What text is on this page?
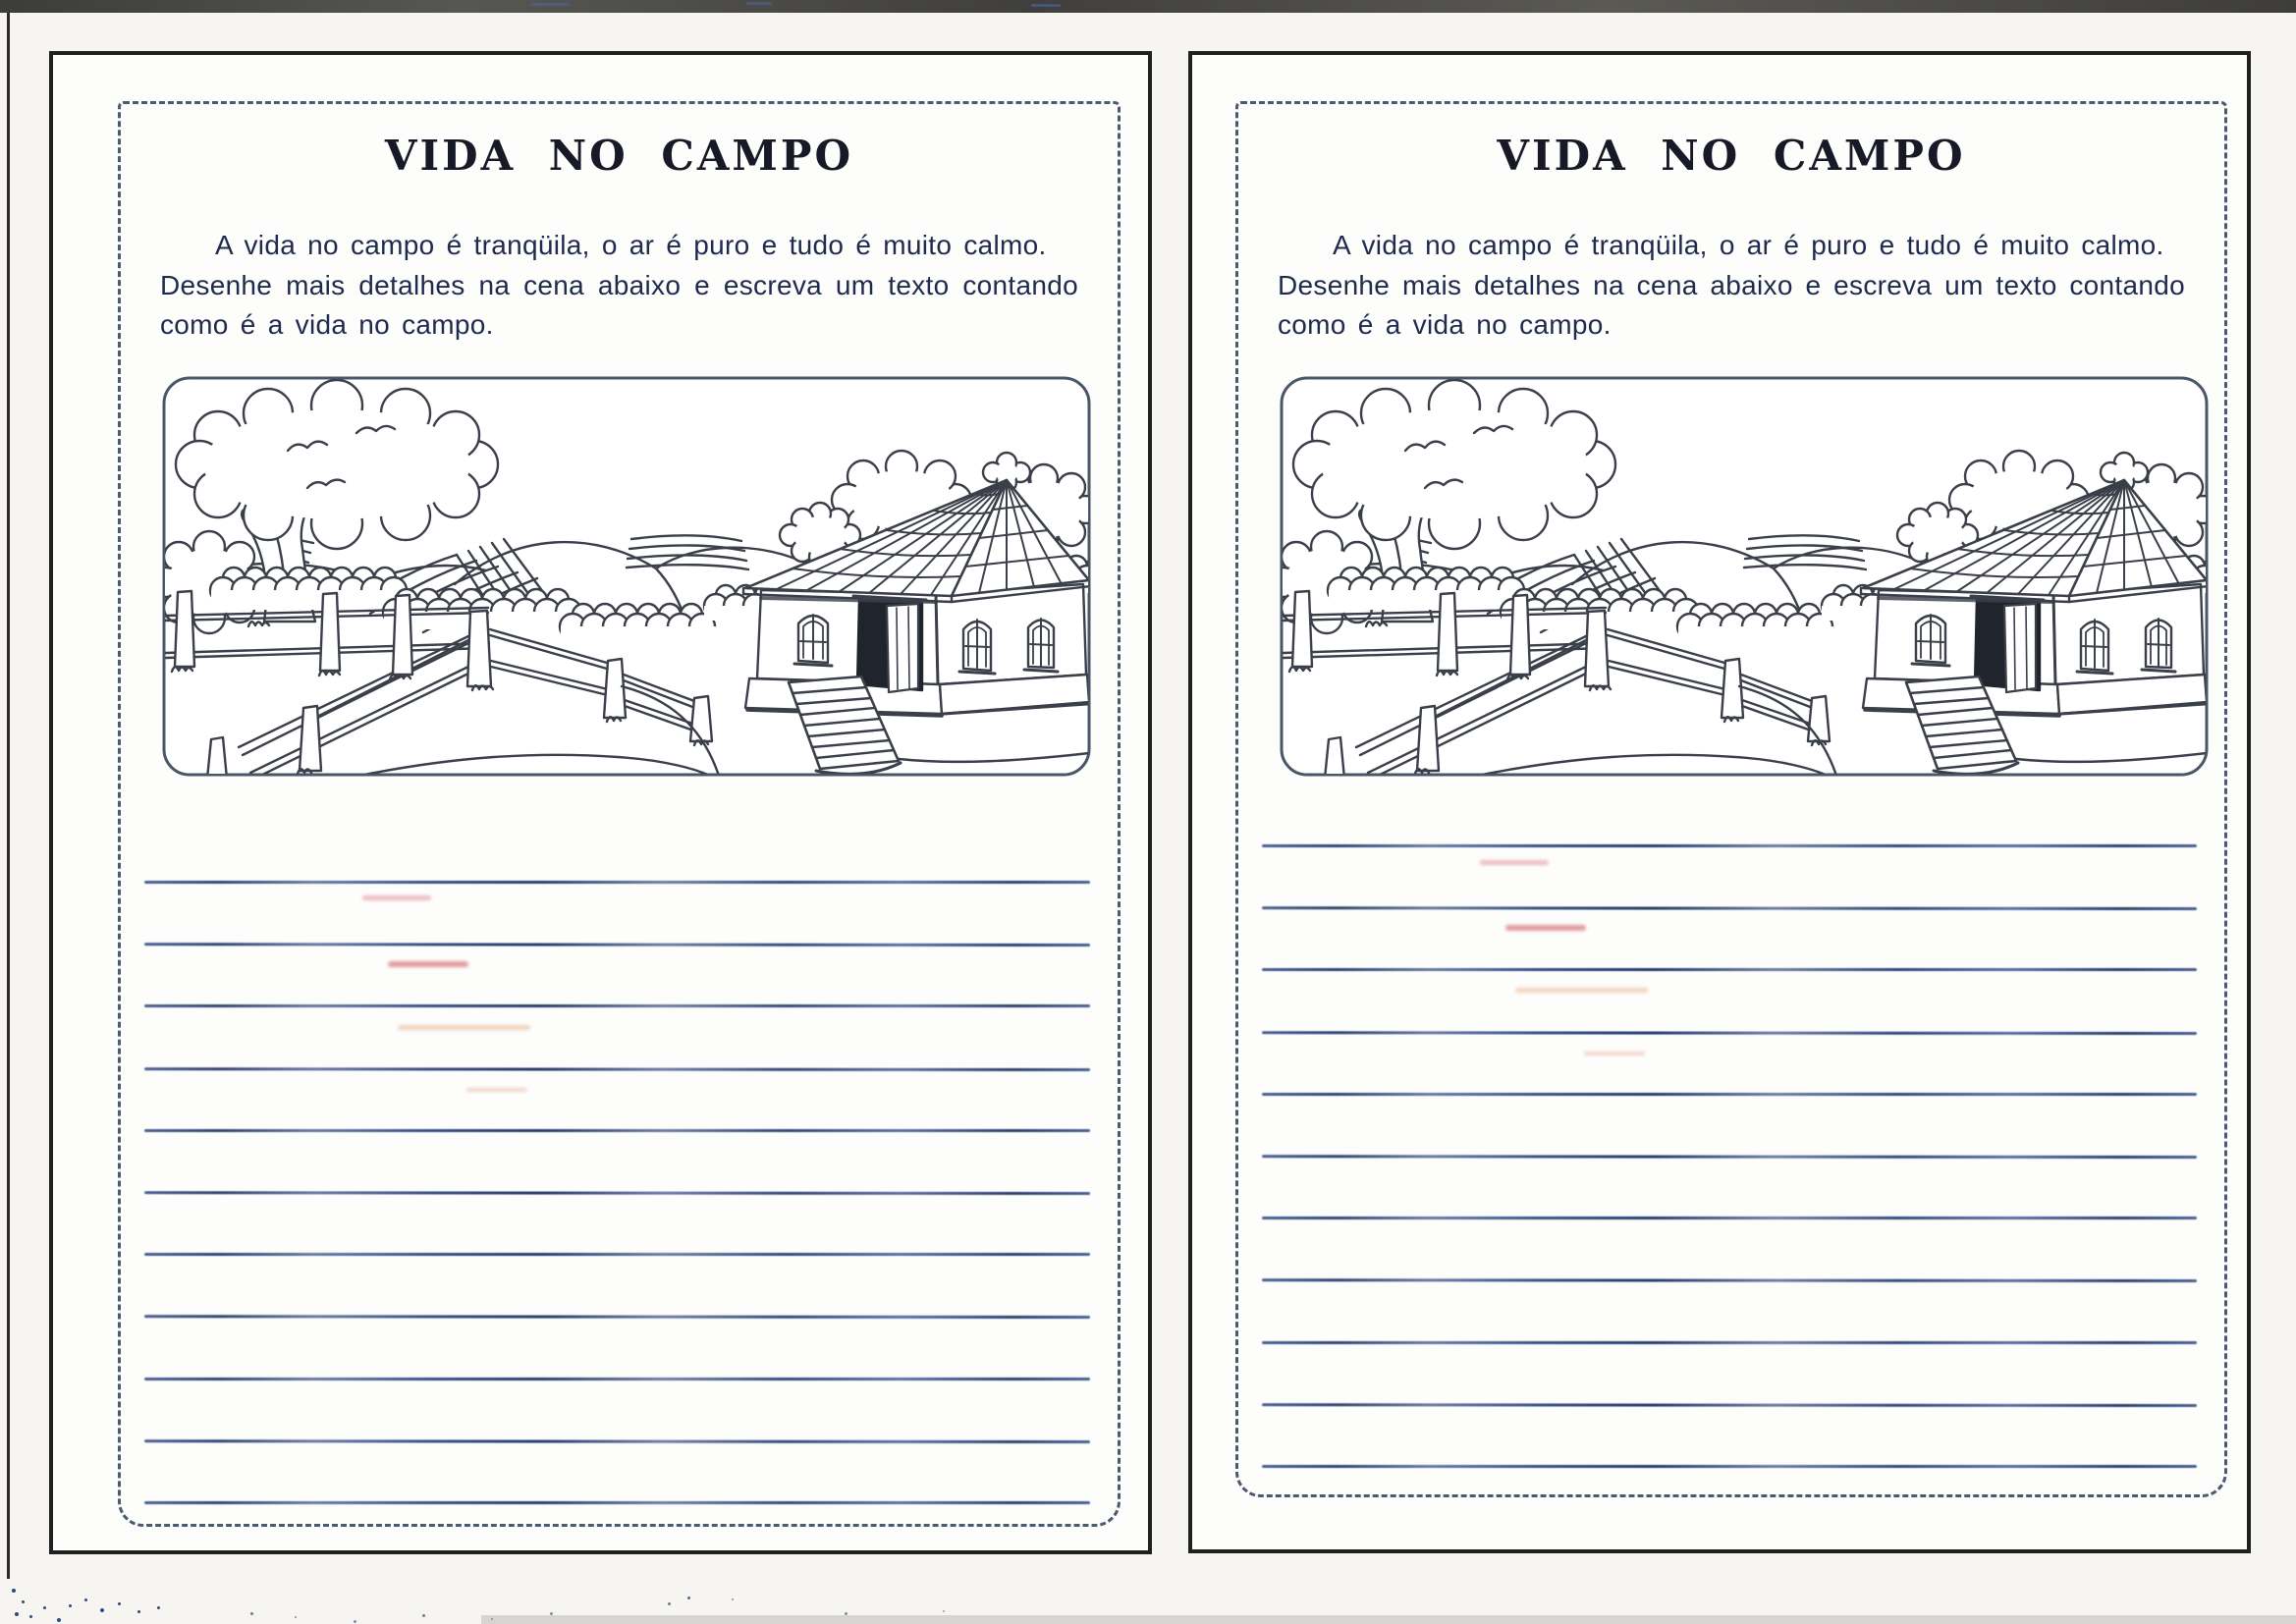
VIDA NO CAMPO

A vida no campo é tranqüila, o ar é puro e tudo é muito calmo.
Desenhe mais detalhes na cena abaixo e escreva um texto contando como é a vida no campo.

VIDA NO CAMPO

A vida no campo é tranqüila, o ar é puro e tudo é muito calmo.
Desenhe mais detalhes na cena abaixo e escreva um texto contando como é a vida no campo.
